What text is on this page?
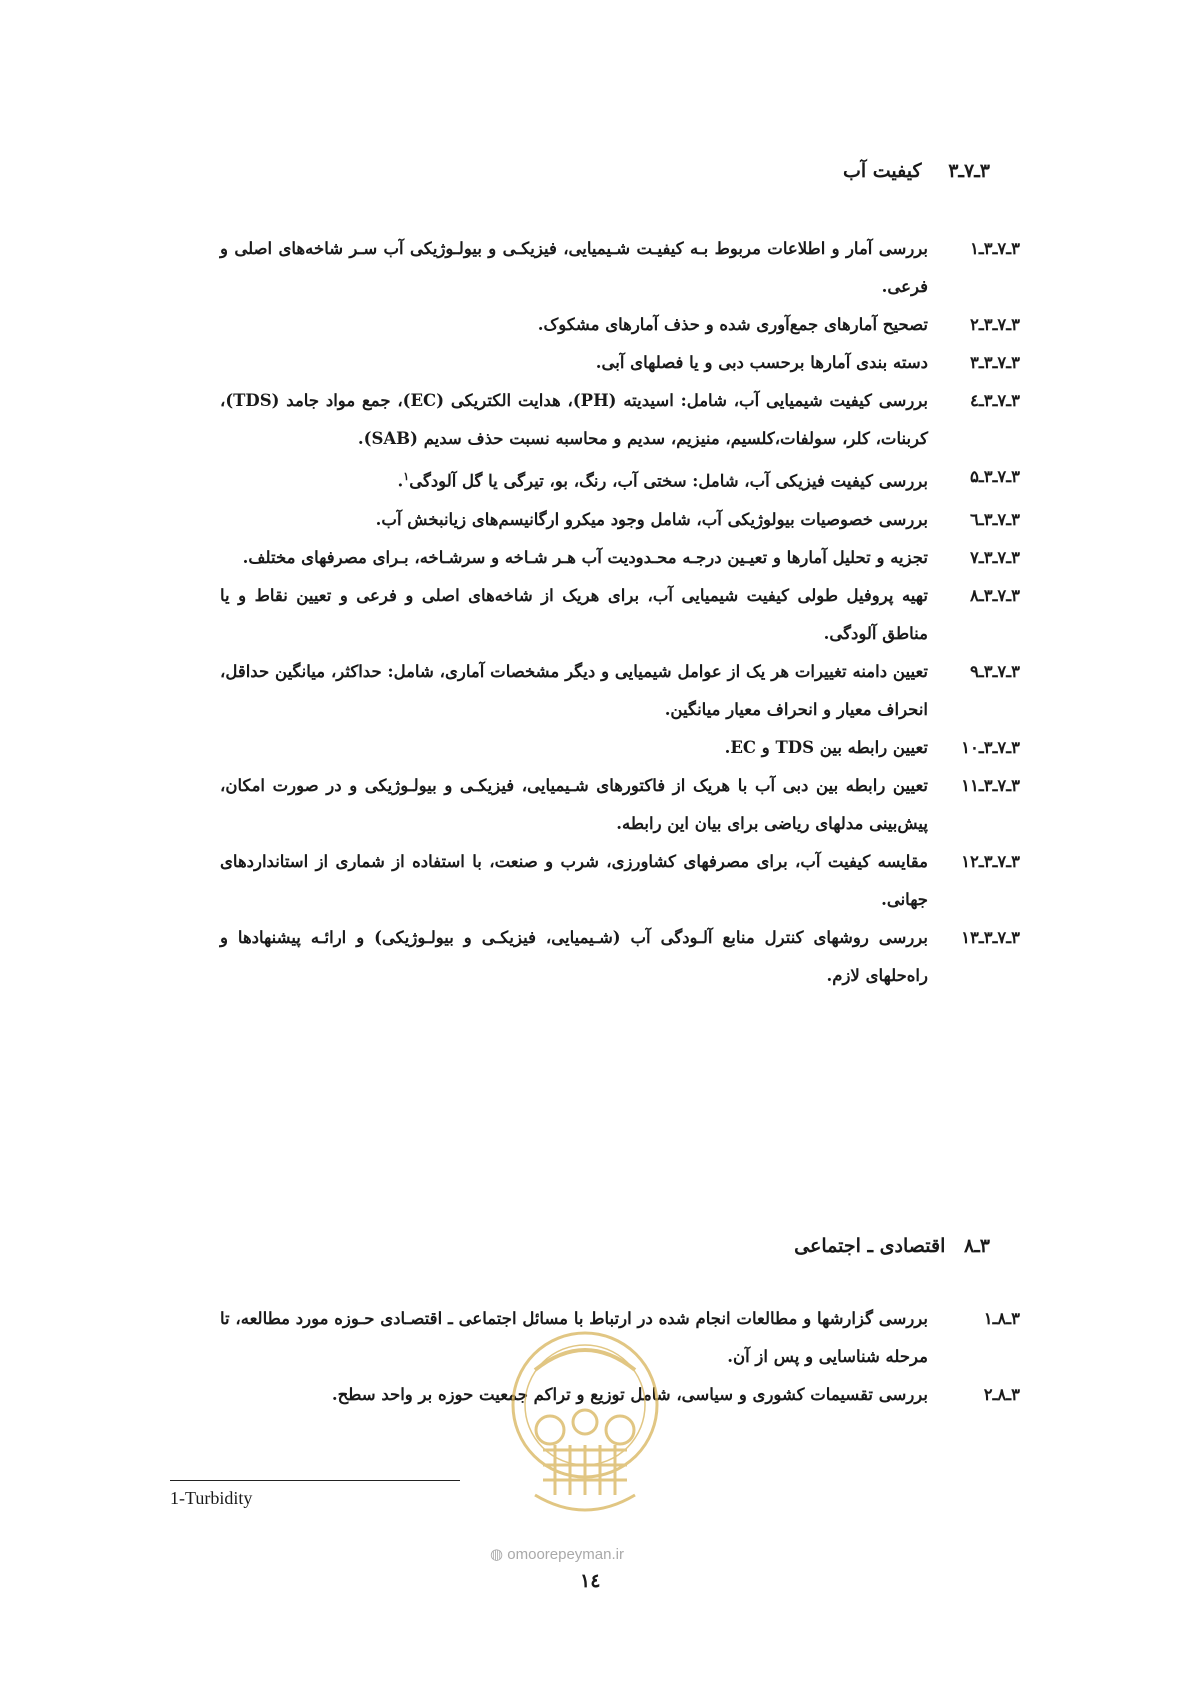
۳ـ۷ـ۳ کیفیت آب
۳ـ۷ـ۳ـ۱
بررسی آمار و اطلاعات مربوط بـه کیفیـت شـیمیایی، فیزیکـی و بیولـوژیکی آب سـر شاخه‌های اصلی و فرعی.
۳ـ۷ـ۳ـ۲
تصحیح آمارهای جمع‌آوری شده و حذف آمارهای مشکوک.
۳ـ۷ـ۳ـ۳
دسته بندی آمارها برحسب دبی و یا فصلهای آبی.
۳ـ۷ـ۳ـ٤
بررسی کیفیت شیمیایی آب، شامل: اسیدیته (PH)، هدایت الکتریکی (EC)، جمع مواد جامد (TDS)، کربنات، کلر، سولفات،کلسیم، منیزیم، سدیم و محاسبه نسبت حذف سدیم (SAB).
۳ـ۷ـ۳ـ۵
بررسی کیفیت فیزیکی آب، شامل: سختی آب، رنگ، بو، تیرگی یا گل آلودگی$^۱$.
۳ـ۷ـ۳ـ٦
بررسی خصوصیات بیولوژیکی آب، شامل وجود میکرو ارگانیسم‌های زیانبخش آب.
۳ـ۷ـ۳ـ۷
تجزیه و تحلیل آمارها و تعیـین درجـه محـدودیت آب هـر شـاخه و سرشـاخه، بـرای مصرفهای مختلف.
۳ـ۷ـ۳ـ۸
تهیه پروفیل طولی کیفیت شیمیایی آب، برای هریک از شاخه‌های اصلی و فرعی و تعیین نقاط و یا مناطق آلودگی.
۳ـ۷ـ۳ـ۹
تعیین دامنه تغییرات هر یک از عوامل شیمیایی و دیگر مشخصات آماری، شامل: حداکثر، میانگین حداقل، انحراف معیار و انحراف معیار میانگین.
۳ـ۷ـ۳ـ۱۰
تعیین رابطه بین TDS و EC.
۳ـ۷ـ۳ـ۱۱
تعیین رابطه بین دبی آب با هریک از فاکتورهای شـیمیایی، فیزیکـی و بیولـوژیکی و در صورت امکان، پیش‌بینی مدلهای ریاضی برای بیان این رابطه.
۳ـ۷ـ۳ـ۱۲
مقایسه کیفیت آب، برای مصرفهای کشاورزی، شرب و صنعت، با استفاده از شماری از استانداردهای جهانی.
۳ـ۷ـ۳ـ۱۳
بررسی روشهای کنترل منابع آلـودگی آب (شـیمیایی، فیزیکـی و بیولـوژیکی) و ارائـه پیشنهادها و راه‌حلهای لازم.
۳ـ۸ اقتصادی ـ اجتماعی
۳ـ۸ـ۱
بررسی گزارشها و مطالعات انجام شده در ارتباط با مسائل اجتماعی ـ اقتصـادی حـوزه مورد مطالعه، تا مرحله شناسایی و پس از آن.
۳ـ۸ـ۲
بررسی تقسیمات کشوری و سیاسی، شامل توزیع و تراکم جمعیت حوزه بر واحد سطح.
1-Turbidity
◍ omoorepeyman.ir
١٤
